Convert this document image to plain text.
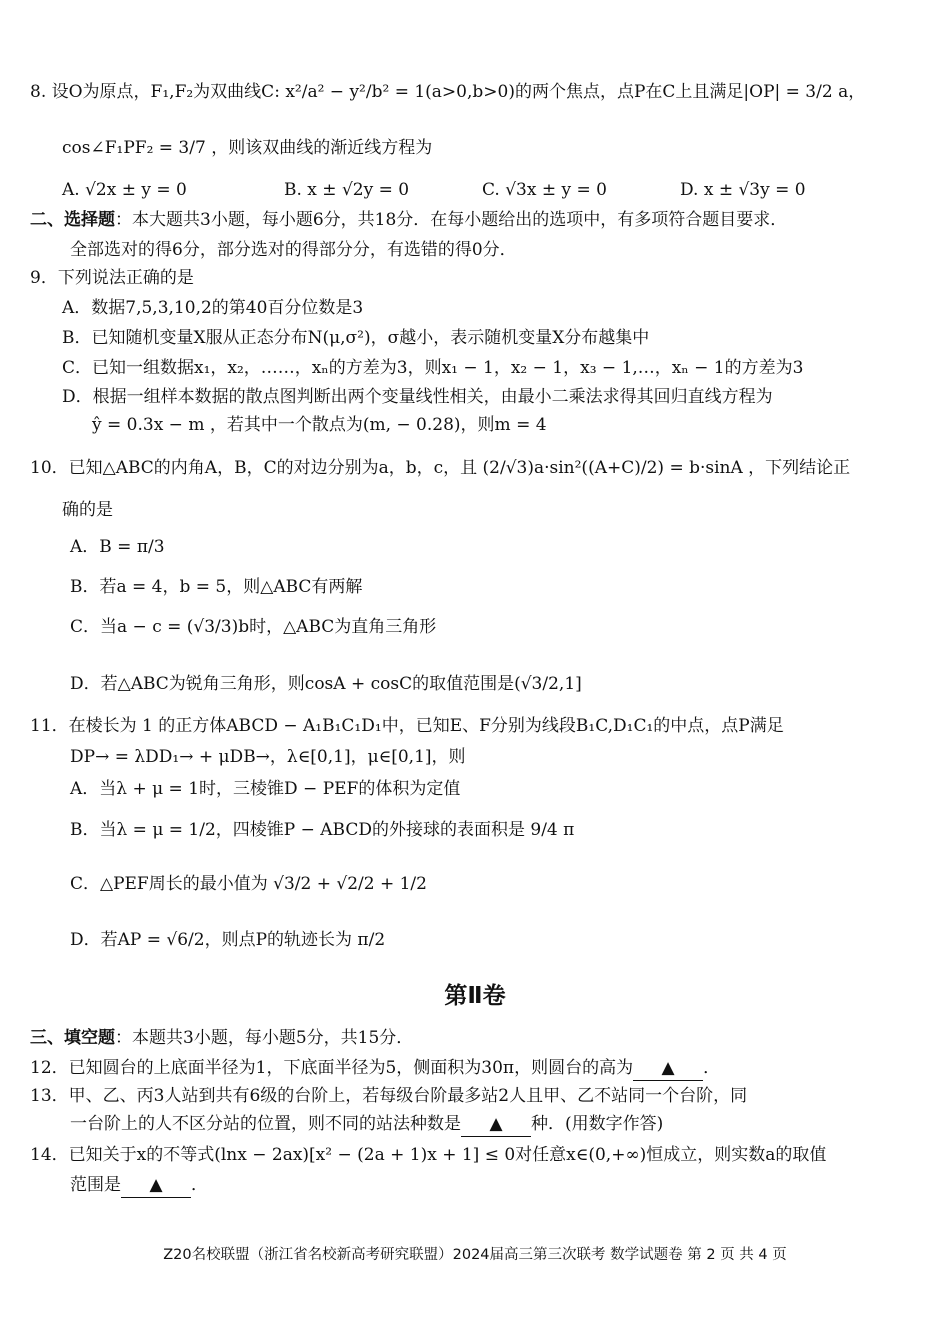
8. 设O为原点，F₁,F₂为双曲线C: x²/a² − y²/b² = 1(a>0,b>0)的两个焦点，点P在C上且满足|OP| = 3/2 a，
cos∠F₁PF₂ = 3/7 ，则该双曲线的渐近线方程为
A. √2x ± y = 0	B. x ± √2y = 0	C. √3x ± y = 0	D. x ± √3y = 0
二、选择题：本大题共3小题，每小题6分，共18分．在每小题给出的选项中，有多项符合题目要求．
全部选对的得6分，部分选对的得部分分，有选错的得0分．
9．下列说法正确的是
A．数据7,5,3,10,2的第40百分位数是3
B．已知随机变量X服从正态分布N(μ,σ²)，σ越小，表示随机变量X分布越集中
C．已知一组数据x₁，x₂，……，xₙ的方差为3，则x₁ − 1，x₂ − 1，x₃ − 1,…，xₙ − 1的方差为3
D．根据一组样本数据的散点图判断出两个变量线性相关，由最小二乘法求得其回归直线方程为
ŷ = 0.3x − m ，若其中一个散点为(m, − 0.28)，则m = 4
10．已知△ABC的内角A，B，C的对边分别为a，b，c，且 (2/√3)a·sin²((A+C)/2) = b·sinA ，下列结论正
确的是
A．B = π/3
B．若a = 4，b = 5，则△ABC有两解
C．当a − c = (√3/3)b时，△ABC为直角三角形
D．若△ABC为锐角三角形，则cosA + cosC的取值范围是(√3/2,1]
11．在棱长为 1 的正方体ABCD − A₁B₁C₁D₁中，已知E、F分别为线段B₁C,D₁C₁的中点，点P满足
DP→ = λDD₁→ + μDB→，λ∈[0,1]，μ∈[0,1]，则
A．当λ + μ = 1时，三棱锥D − PEF的体积为定值
B．当λ = μ = 1/2，四棱锥P − ABCD的外接球的表面积是 9/4 π
C．△PEF周长的最小值为 √3/2 + √2/2 + 1/2
D．若AP = √6/2，则点P的轨迹长为 π/2
第Ⅱ卷
三、填空题：本题共3小题，每小题5分，共15分．
12．已知圆台的上底面半径为1，下底面半径为5，侧面积为30π，则圆台的高为 ▲ ．
13．甲、乙、丙3人站到共有6级的台阶上，若每级台阶最多站2人且甲、乙不站同一个台阶，同
一台阶上的人不区分站的位置，则不同的站法种数是 ▲ 种．(用数字作答)
14．已知关于x的不等式(lnx − 2ax)[x² − (2a + 1)x + 1] ≤ 0对任意x∈(0,+∞)恒成立，则实数a的取值
范围是 ▲ ．
Z20名校联盟（浙江省名校新高考研究联盟）2024届高三第三次联考 数学试题卷 第 2 页 共 4 页
